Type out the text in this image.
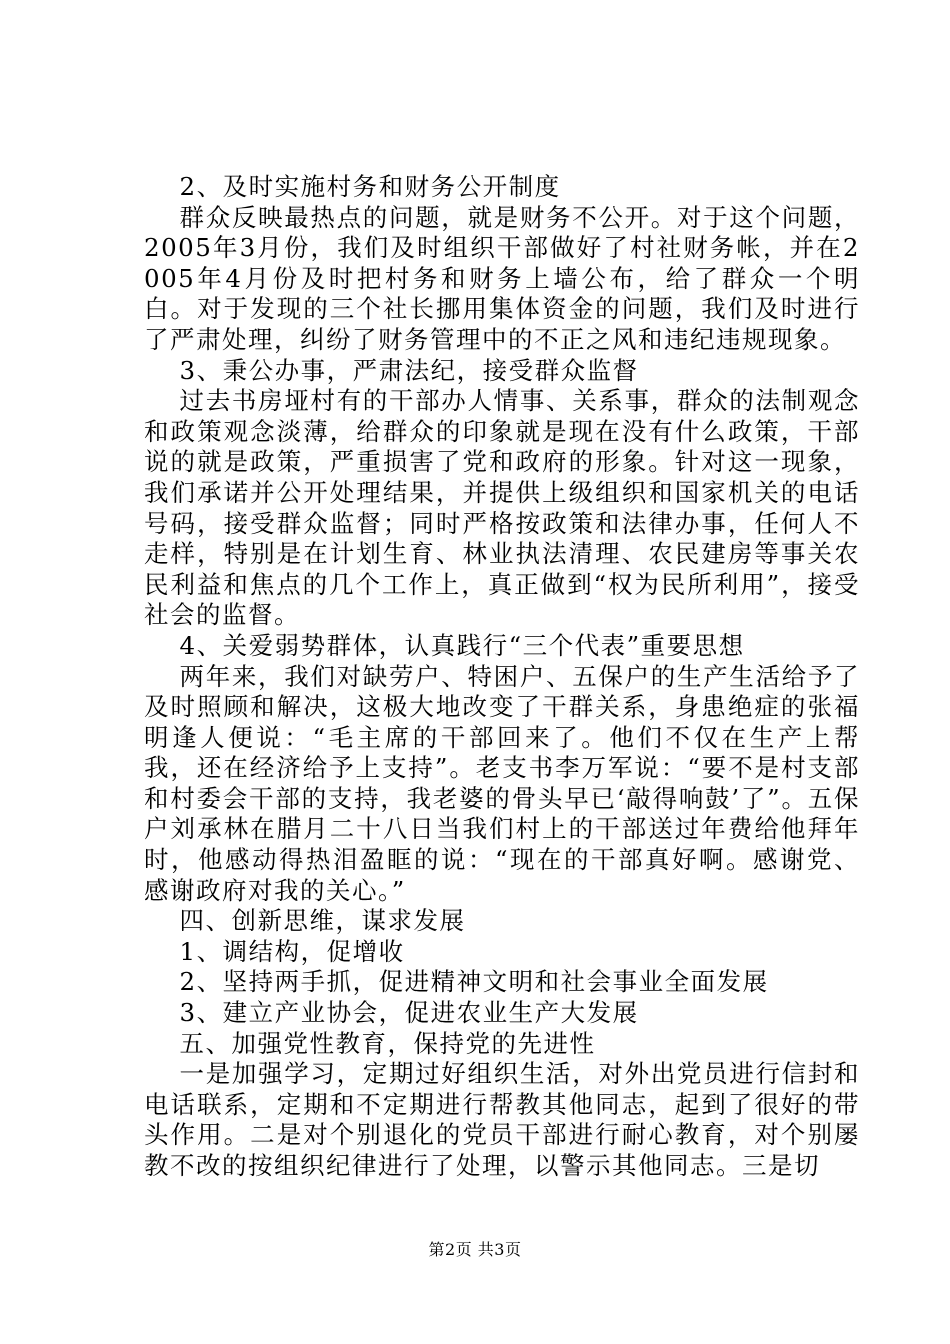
2、及时实施村务和财务公开制度

群众反映最热点的问题，就是财务不公开。对于这个问题，2005年3月份，我们及时组织干部做好了村社财务帐，并在2005年4月份及时把村务和财务上墙公布，给了群众一个明白。对于发现的三个社长挪用集体资金的问题，我们及时进行了严肃处理，纠纷了财务管理中的不正之风和违纪违规现象。

3、秉公办事，严肃法纪，接受群众监督

过去书房垭村有的干部办人情事、关系事，群众的法制观念和政策观念淡薄，给群众的印象就是现在没有什么政策，干部说的就是政策，严重损害了党和政府的形象。针对这一现象，我们承诺并公开处理结果，并提供上级组织和国家机关的电话号码，接受群众监督；同时严格按政策和法律办事，任何人不走样，特别是在计划生育、林业执法清理、农民建房等事关农民利益和焦点的几个工作上，真正做到“权为民所利用”，接受社会的监督。

4、关爱弱势群体，认真践行“三个代表”重要思想

两年来，我们对缺劳户、特困户、五保户的生产生活给予了及时照顾和解决，这极大地改变了干群关系，身患绝症的张福明逢人便说：“毛主席的干部回来了。他们不仅在生产上帮我，还在经济给予上支持”。老支书李万军说：“要不是村支部和村委会干部的支持，我老婆的骨头早已‘敲得响鼓’了”。五保户刘承林在腊月二十八日当我们村上的干部送过年费给他拜年时，他感动得热泪盈眶的说：“现在的干部真好啊。感谢党、感谢政府对我的关心。”

四、创新思维，谋求发展

1、调结构，促增收

2、坚持两手抓，促进精神文明和社会事业全面发展

3、建立产业协会，促进农业生产大发展

五、加强党性教育，保持党的先进性

一是加强学习，定期过好组织生活，对外出党员进行信封和电话联系，定期和不定期进行帮教其他同志，起到了很好的带头作用。二是对个别退化的党员干部进行耐心教育，对个别屡教不改的按组织纪律进行了处理，以警示其他同志。三是切

第2页 共3页
